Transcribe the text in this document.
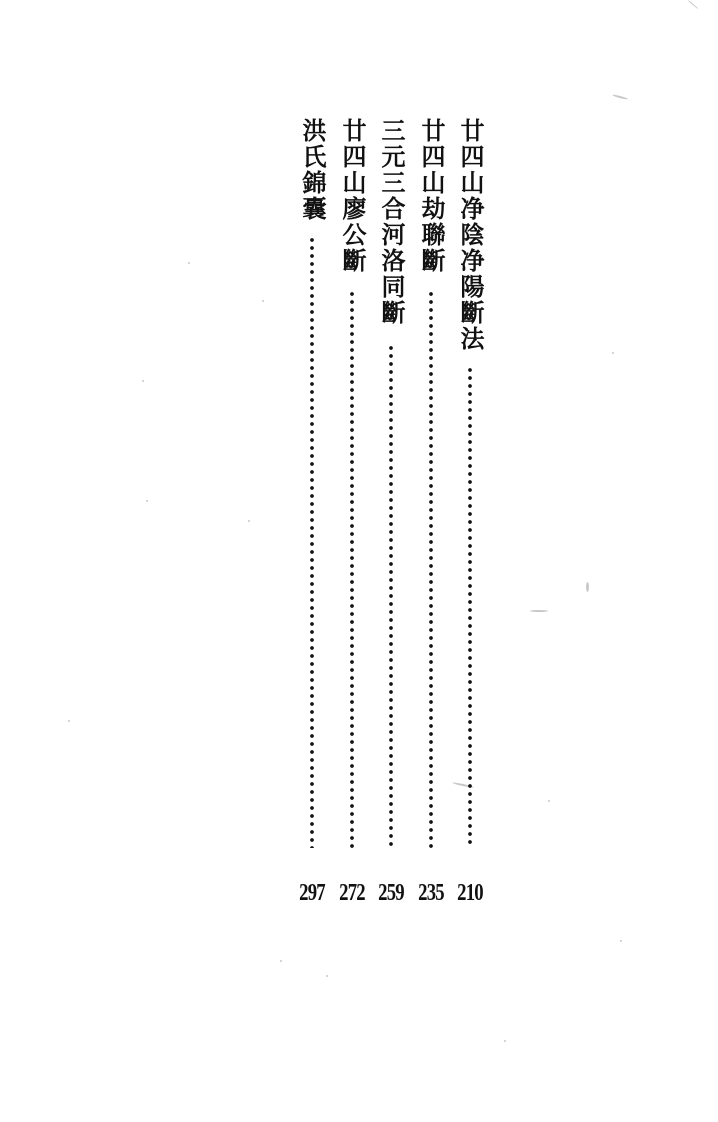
廿四山净陰净陽斷法
210
廿四山劫聯斷
235
三元三合河洛同斷
259
廿四山廖公斷
272
洪氏錦囊
297
